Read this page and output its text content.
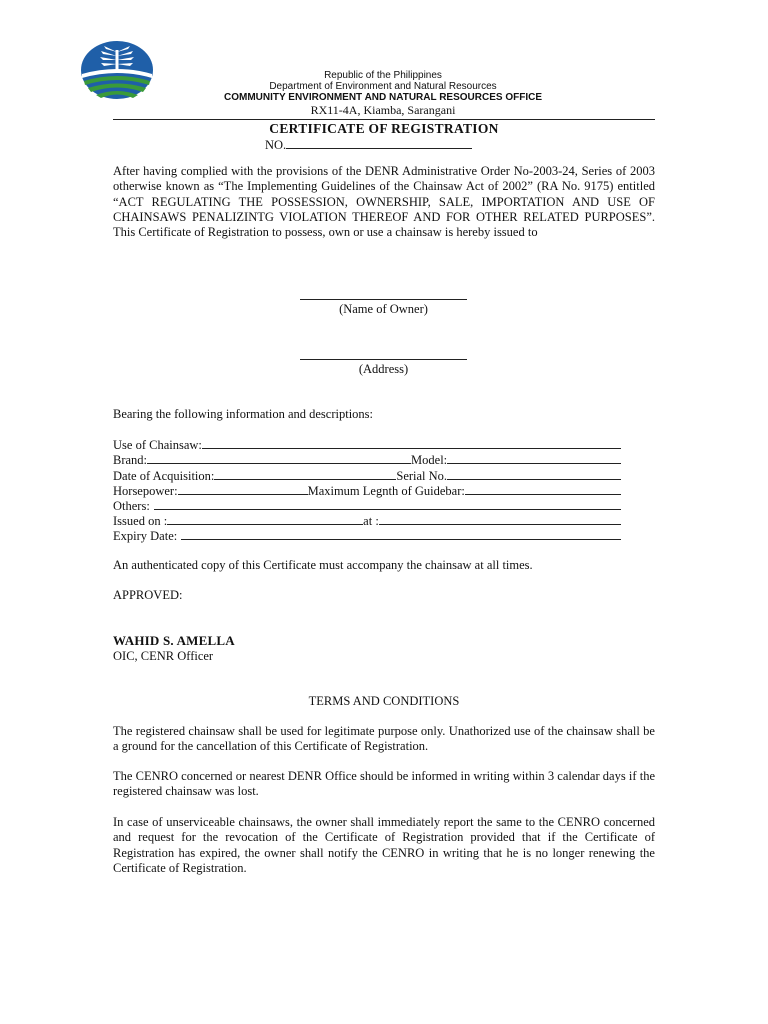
Republic of the Philippines
Department of Environment and Natural Resources
COMMUNITY ENVIRONMENT AND NATURAL RESOURCES OFFICE
RX11-4A, Kiamba, Sarangani
CERTIFICATE OF REGISTRATION
NO.
After having complied with the provisions of the DENR Administrative Order No-2003-24, Series of 2003 otherwise known as “The Implementing Guidelines of the Chainsaw Act of 2002” (RA No. 9175) entitled “ACT REGULATING THE POSSESSION, OWNERSHIP, SALE, IMPORTATION AND USE OF CHAINSAWS PENALIZINTG VIOLATION THEREOF AND FOR OTHER RELATED PURPOSES”. This Certificate of Registration to possess, own or use a chainsaw is hereby issued to
(Name of Owner)
(Address)
Bearing the following information and descriptions:
Use of Chainsaw:
Brand:	Model:
Date of Acquisition:	Serial No.
Horsepower:	Maximum Legnth of Guidebar:
Others:
Issued on :	at :
Expiry Date:
An authenticated copy of this Certificate must accompany the chainsaw at all times.
APPROVED:
WAHID S. AMELLA
OIC, CENR Officer
TERMS AND CONDITIONS
The registered chainsaw shall be used for legitimate purpose only. Unathorized use of the chainsaw shall be a ground for the cancellation of this Certificate of Registration.
The CENRO concerned or nearest DENR Office should be informed in writing within 3 calendar days if the registered chainsaw was lost.
In case of unserviceable chainsaws, the owner shall immediately report the same to the CENRO concerned and request for the revocation of the Certificate of Registration provided that if the Certificate of Registration has expired, the owner shall notify the CENRO in writing that he is no longer renewing the Certificate of Registration.
